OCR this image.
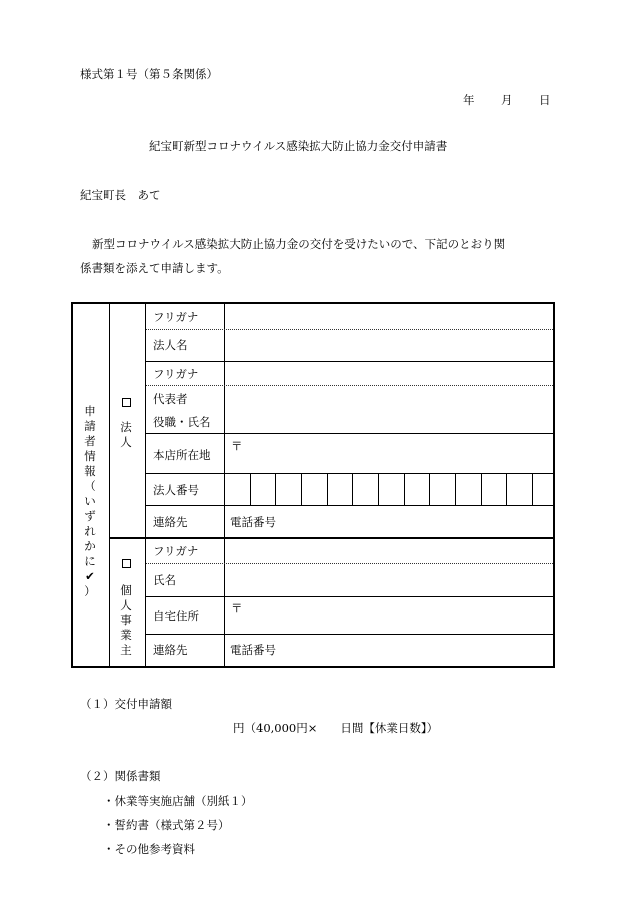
様式第１号（第５条関係）
年 月 日
紀宝町新型コロナウイルス感染拡大防止協力金交付申請書
紀宝町長　あて
新型コロナウイルス感染拡大防止協力金の交付を受けたいので、下記のとおり関
係書類を添えて申請します。
申
請
者
情
報
（
い
ず
れ
か
に
✔
）
法
人
個
人
事
業
主
フリガナ
法人名
フリガナ
代表者
役職・氏名
本店所在地
〒
法人番号
連絡先	電話番号
フリガナ
氏名
自宅住所
〒
連絡先	電話番号
（１）交付申請額
円（40,000円×　　日間【休業日数】）
（２）関係書類
・休業等実施店舗（別紙１）
・誓約書（様式第２号）
・その他参考資料
